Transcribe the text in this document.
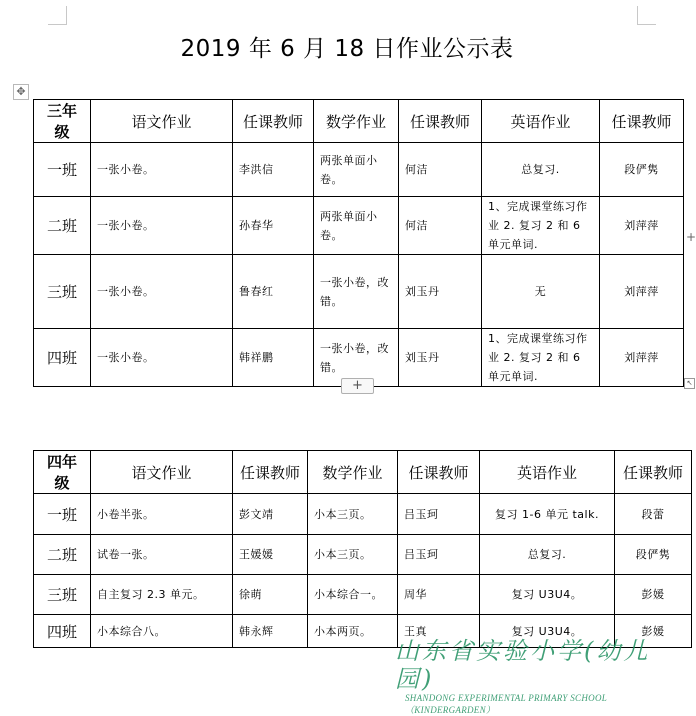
2019 年 6 月 18 日作业公示表
✥
三年级	语文作业	任课教师	数学作业	任课教师	英语作业	任课教师
一班	一张小卷。	李洪信	两张单面小卷。	何洁	总复习.	段俨隽
二班	一张小卷。	孙春华	两张单面小卷。	何洁	1、完成课堂练习作业 2. 复习 2 和 6 单元单词.	刘萍萍
三班	一张小卷。	鲁春红	一张小卷，改错。	刘玉丹	无	刘萍萍
四班	一张小卷。	韩祥鹏	一张小卷，改错。	刘玉丹	1、完成课堂练习作业 2. 复习 2 和 6 单元单词.	刘萍萍
+
+	↖
四年级	语文作业	任课教师	数学作业	任课教师	英语作业	任课教师
一班	小卷半张。	彭文靖	小本三页。	吕玉珂	复习 1-6 单元 talk.	段蕾
二班	试卷一张。	王媛媛	小本三页。	吕玉珂	总复习.	段俨隽
三班	自主复习 2.3 单元。	徐萌	小本综合一。	周华	复习 U3U4。	彭媛
四班	小本综合八。	韩永辉	小本两页。	王真	复习 U3U4。	彭媛
山东省实验小学(幼儿园)
SHANDONG EXPERIMENTAL PRIMARY SCHOOL（KINDERGARDEN）
